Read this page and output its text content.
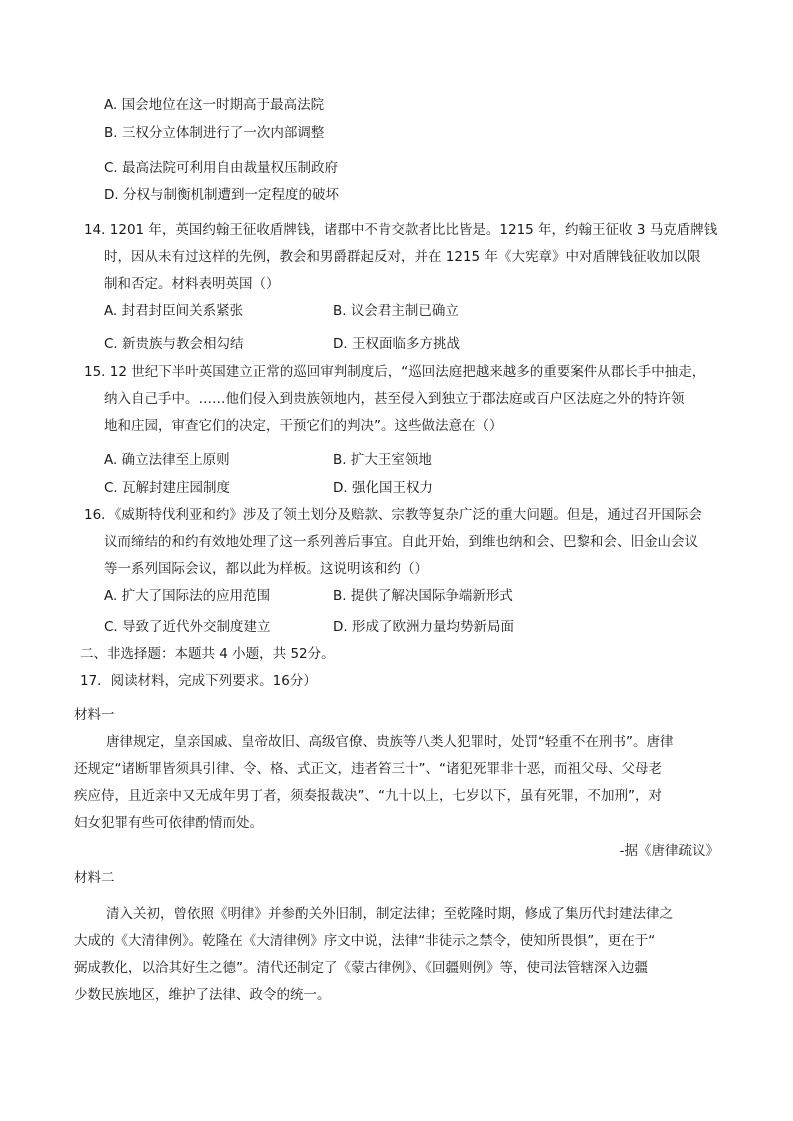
A. 国会地位在这一时期高于最高法院
B. 三权分立体制进行了一次内部调整
C. 最高法院可利用自由裁量权压制政府
D. 分权与制衡机制遭到一定程度的破坏
14. 1201 年，英国约翰王征收盾牌钱，诸郡中不肯交款者比比皆是。1215 年，约翰王征收 3 马克盾牌钱
时，因从未有过这样的先例，教会和男爵群起反对，并在 1215 年《大宪章》中对盾牌钱征收加以限
制和否定。材料表明英国（）
A. 封君封臣间关系紧张	B. 议会君主制已确立
C. 新贵族与教会相勾结	D. 王权面临多方挑战
15. 12 世纪下半叶英国建立正常的巡回审判制度后，“巡回法庭把越来越多的重要案件从郡长手中抽走，
纳入自己手中。……他们侵入到贵族领地内，甚至侵入到独立于郡法庭或百户区法庭之外的特许领
地和庄园，审查它们的决定，干预它们的判决”。这些做法意在（）
A. 确立法律至上原则	B. 扩大王室领地
C. 瓦解封建庄园制度	D. 强化国王权力
16．《威斯特伐利亚和约》涉及了领土划分及赔款、宗教等复杂广泛的重大问题。但是，通过召开国际会
议而缔结的和约有效地处理了这一系列善后事宜。自此开始，到维也纳和会、巴黎和会、旧金山会议
等一系列国际会议，都以此为样板。这说明该和约（）
A. 扩大了国际法的应用范围	B. 提供了解决国际争端新形式
C. 导致了近代外交制度建立	D. 形成了欧洲力量均势新局面
二、非选择题：本题共 4 小题，共 52分。
17．阅读材料，完成下列要求。16分）
材料一
唐律规定，皇亲国戚、皇帝故旧、高级官僚、贵族等八类人犯罪时，处罚“轻重不在刑书”。唐律
还规定“诸断罪皆须具引律、令、格、式正文，违者笞三十”、“诸犯死罪非十恶，而祖父母、父母老
疾应侍，且近亲中又无成年男丁者，须奏报裁决”、“九十以上，七岁以下，虽有死罪，不加刑”，对
妇女犯罪有些可依律酌情而处。
-据《唐律疏议》
材料二
清入关初，曾依照《明律》并参酌关外旧制，制定法律；至乾隆时期，修成了集历代封建法律之
大成的《大清律例》。乾隆在《大清律例》序文中说，法律“非徒示之禁令，使知所畏惧”，更在于“
弼成教化，以洽其好生之德”。清代还制定了《蒙古律例》、《回疆则例》等，使司法管辖深入边疆
少数民族地区，维护了法律、政令的统一。
